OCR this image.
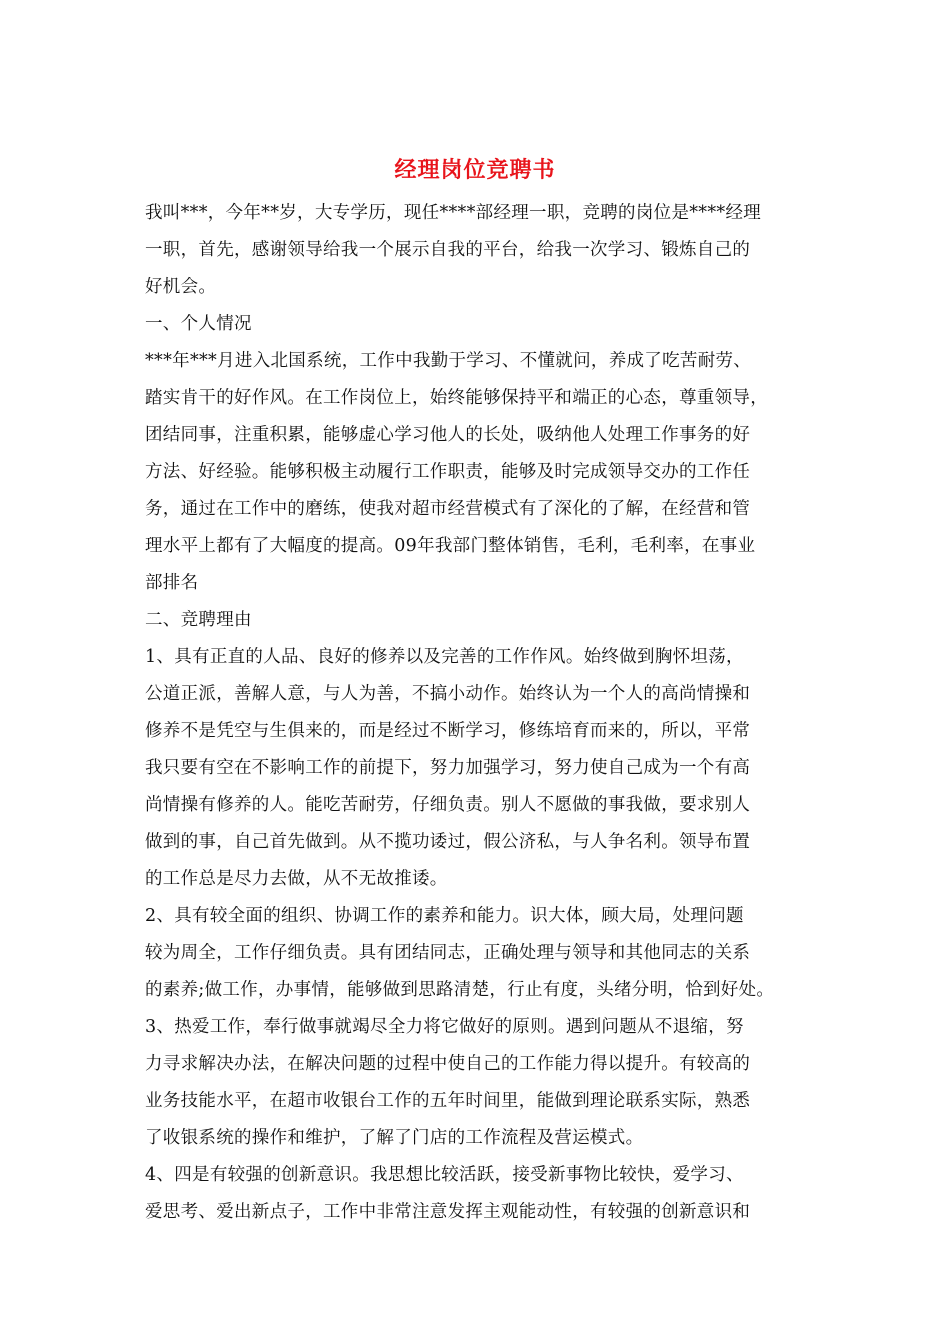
经理岗位竞聘书
我叫***，今年**岁，大专学历，现任****部经理一职，竞聘的岗位是****经理
一职，首先，感谢领导给我一个展示自我的平台，给我一次学习、锻炼自己的
好机会。
一、个人情况
***年***月进入北国系统，工作中我勤于学习、不懂就问，养成了吃苦耐劳、
踏实肯干的好作风。在工作岗位上，始终能够保持平和端正的心态，尊重领导，
团结同事，注重积累，能够虚心学习他人的长处，吸纳他人处理工作事务的好
方法、好经验。能够积极主动履行工作职责，能够及时完成领导交办的工作任
务，通过在工作中的磨练，使我对超市经营模式有了深化的了解，在经营和管
理水平上都有了大幅度的提高。09年我部门整体销售，毛利，毛利率，在事业
部排名
二、竞聘理由
1、具有正直的人品、良好的修养以及完善的工作作风。始终做到胸怀坦荡，
公道正派，善解人意，与人为善，不搞小动作。始终认为一个人的高尚情操和
修养不是凭空与生俱来的，而是经过不断学习，修练培育而来的，所以，平常
我只要有空在不影响工作的前提下，努力加强学习，努力使自己成为一个有高
尚情操有修养的人。能吃苦耐劳，仔细负责。别人不愿做的事我做，要求别人
做到的事，自己首先做到。从不揽功诿过，假公济私，与人争名利。领导布置
的工作总是尽力去做，从不无故推诿。
2、具有较全面的组织、协调工作的素养和能力。识大体，顾大局，处理问题
较为周全，工作仔细负责。具有团结同志，正确处理与领导和其他同志的关系
的素养;做工作，办事情，能够做到思路清楚，行止有度，头绪分明，恰到好处。
3、热爱工作，奉行做事就竭尽全力将它做好的原则。遇到问题从不退缩，努
力寻求解决办法，在解决问题的过程中使自己的工作能力得以提升。有较高的
业务技能水平，在超市收银台工作的五年时间里，能做到理论联系实际，熟悉
了收银系统的操作和维护，了解了门店的工作流程及营运模式。
4、四是有较强的创新意识。我思想比较活跃，接受新事物比较快，爱学习、
爱思考、爱出新点子，工作中非常注意发挥主观能动性，有较强的创新意识和
